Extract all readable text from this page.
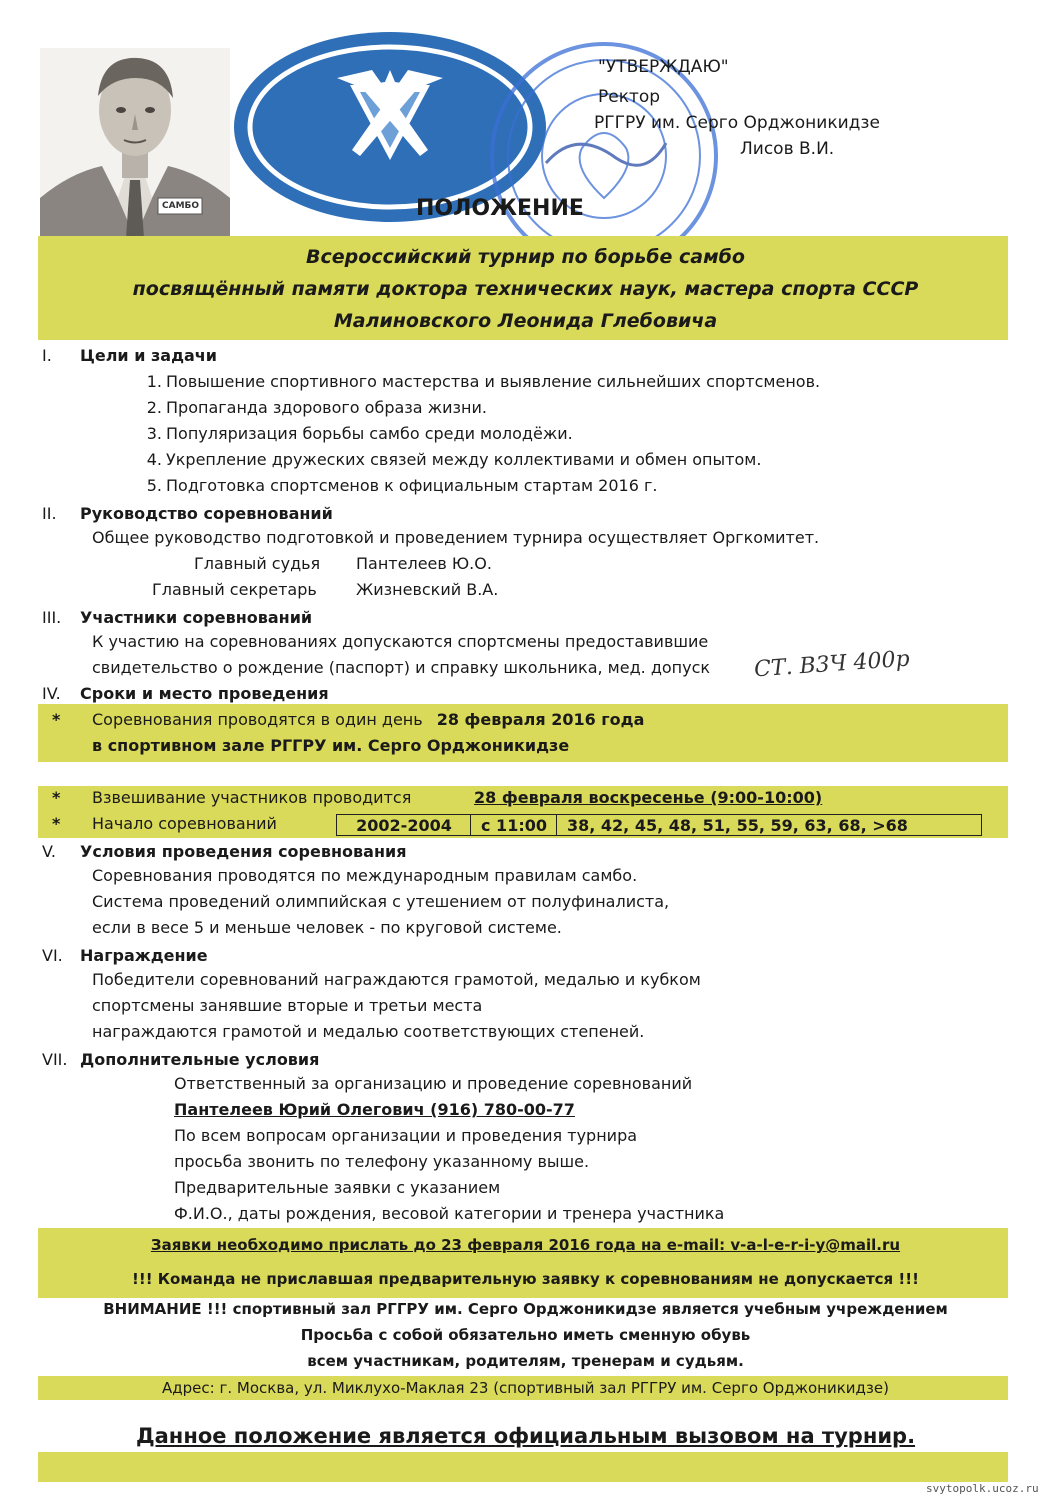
САМБО
"УТВЕРЖДАЮ"
Ректор
РГГРУ им. Серго Орджоникидзе
Лисов В.И.
ПОЛОЖЕНИЕ
Всероссийский турнир по борьбе самбо
посвящённый памяти доктора технических наук, мастера спорта СССР
Малиновского Леонида Глебовича
I.	Цели и задачи
1. Повышение спортивного мастерства и выявление сильнейших спортсменов.
2. Пропаганда здорового образа жизни.
3. Популяризация борьбы самбо среди молодёжи.
4. Укрепление дружеских связей между коллективами и обмен опытом.
5. Подготовка спортсменов к официальным стартам 2016 г.
II.	Руководство соревнований
Общее руководство подготовкой и проведением турнира осуществляет Оргкомитет.
Главный судья Пантелеев Ю.О.
Главный секретарь Жизневский В.А.
III.	Участники соревнований
К участию на соревнованиях допускаются спортсмены предоставившие
свидетельство о рождение (паспорт) и справку школьника, мед. допуск СТ. В3Ч 400р
IV.	Сроки и место проведения
* Соревнования проводятся в один день 28 февраля 2016 года
в спортивном зале РГГРУ им. Серго Орджоникидзе
* Взвешивание участников проводится	28 февраля воскресенье (9:00-10:00)
* Начало соревнований	2002-2004	с 11:00	38, 42, 45, 48, 51, 55, 59, 63, 68, >68
V.	Условия проведения соревнования
Соревнования проводятся по международным правилам самбо.
Система проведений олимпийская с утешением от полуфиналиста,
если в весе 5 и меньше человек - по круговой системе.
VI.	Награждение
Победители соревнований награждаются грамотой, медалью и кубком
спортсмены занявшие вторые и третьи места
награждаются грамотой и медалью соответствующих степеней.
VII. Дополнительные условия
Ответственный за организацию и проведение соревнований
Пантелеев Юрий Олегович (916) 780-00-77
По всем вопросам организации и проведения турнира
просьба звонить по телефону указанному выше.
Предварительные заявки с указанием
Ф.И.О., даты рождения, весовой категории и тренера участника
Заявки необходимо прислать до 23 февраля 2016 года на e-mail: v-a-l-e-r-i-y@mail.ru
!!! Команда не приславшая предварительную заявку к соревнованиям не допускается !!!
ВНИМАНИЕ !!! спортивный зал РГГРУ им. Серго Орджоникидзе является учебным учреждением
Просьба с собой обязательно иметь сменную обувь
всем участникам, родителям, тренерам и судьям.
Адрес: г. Москва, ул. Миклухо-Маклая 23 (спортивный зал РГГРУ им. Серго Орджоникидзе)
Данное положение является официальным вызовом на турнир.
svytopolk.ucoz.ru
